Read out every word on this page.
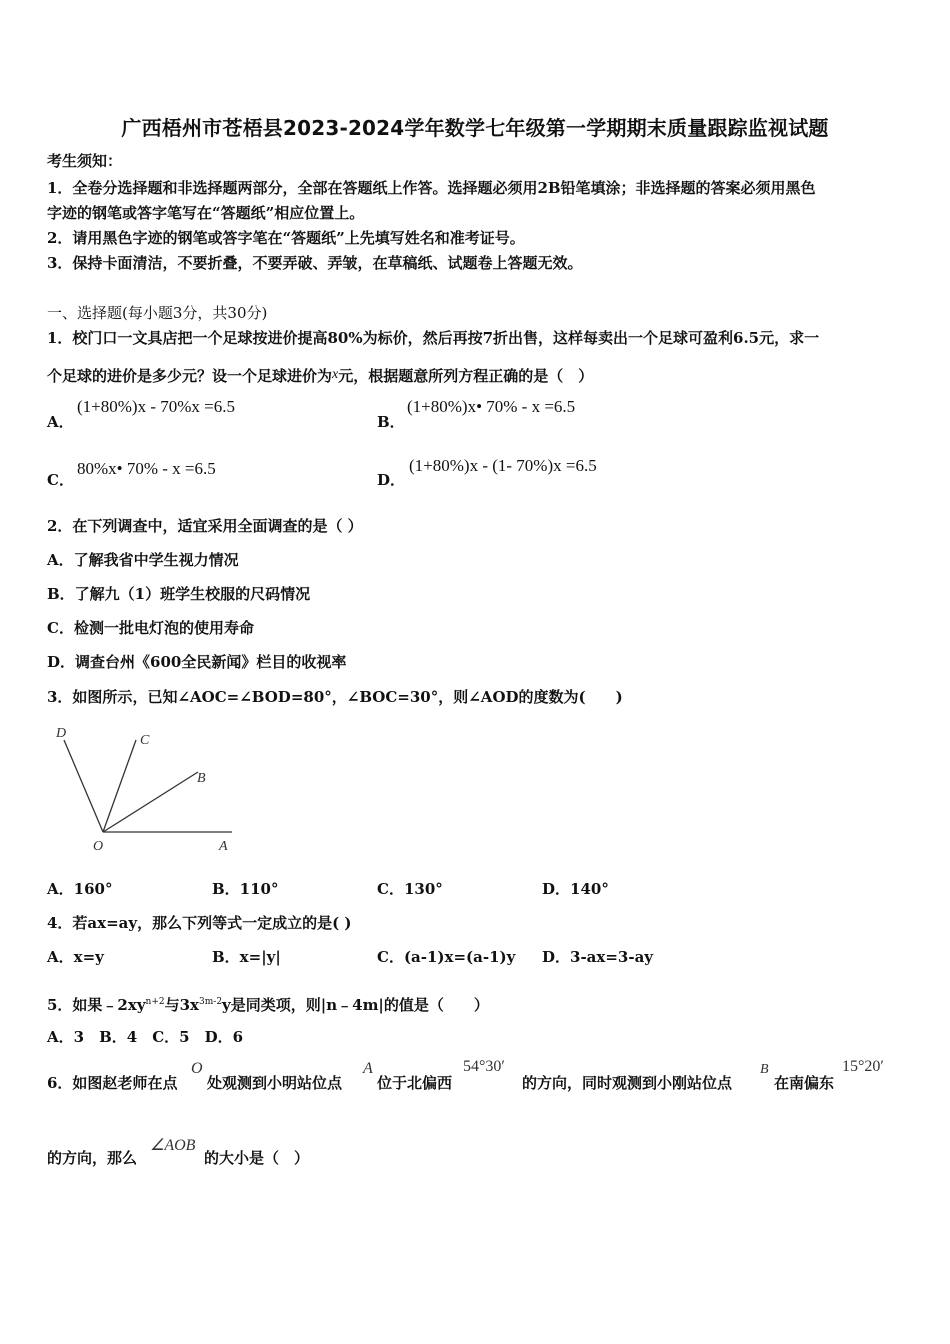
广西梧州市苍梧县2023-2024学年数学七年级第一学期期末质量跟踪监视试题
考生须知：
1．全卷分选择题和非选择题两部分，全部在答题纸上作答。选择题必须用2B铅笔填涂；非选择题的答案必须用黑色
字迹的钢笔或答字笔写在“答题纸”相应位置上。
2．请用黑色字迹的钢笔或答字笔在“答题纸”上先填写姓名和准考证号。
3．保持卡面清洁，不要折叠，不要弄破、弄皱，在草稿纸、试题卷上答题无效。
一、选择题(每小题3分，共30分)
1．校门口一文具店把一个足球按进价提高80%为标价，然后再按7折出售，这样每卖出一个足球可盈利6.5元，求一
个足球的进价是多少元？设一个足球进价为x元，根据题意所列方程正确的是（　）
A．
(1+80%)x - 70%x =6.5
B．
(1+80%)x• 70% - x =6.5
C．
80%x• 70% - x =6.5
D．
(1+80%)x - (1- 70%)x =6.5
2．在下列调查中，适宜采用全面调查的是（ ）
A．了解我省中学生视力情况
B．了解九（1）班学生校服的尺码情况
C．检测一批电灯泡的使用寿命
D．调查台州《600全民新闻》栏目的收视率
3．如图所示，已知∠AOC=∠BOD=80°，∠BOC=30°，则∠AOD的度数为(　　)
D	C
B
O	A
A．160°	B．110°	C．130°	D．140°
4．若ax=ay，那么下列等式一定成立的是( )
A．x=y	B．x=|y|	C．(a-1)x=(a-1)y D．3-ax=3-ay
5．如果$﹣2xy^{n+2}$与$3x^{3m-2}y$是同类项，则|n﹣4m|的值是（　　）
A．3　B．4　C．5　D．6
6．如图赵老师在点
O
处观测到小明站位点
A
位于北偏西
54°30′
的方向，同时观测到小刚站位点
B
在南偏东
15°20′
的方向，那么
∠AOB
的大小是（　）
